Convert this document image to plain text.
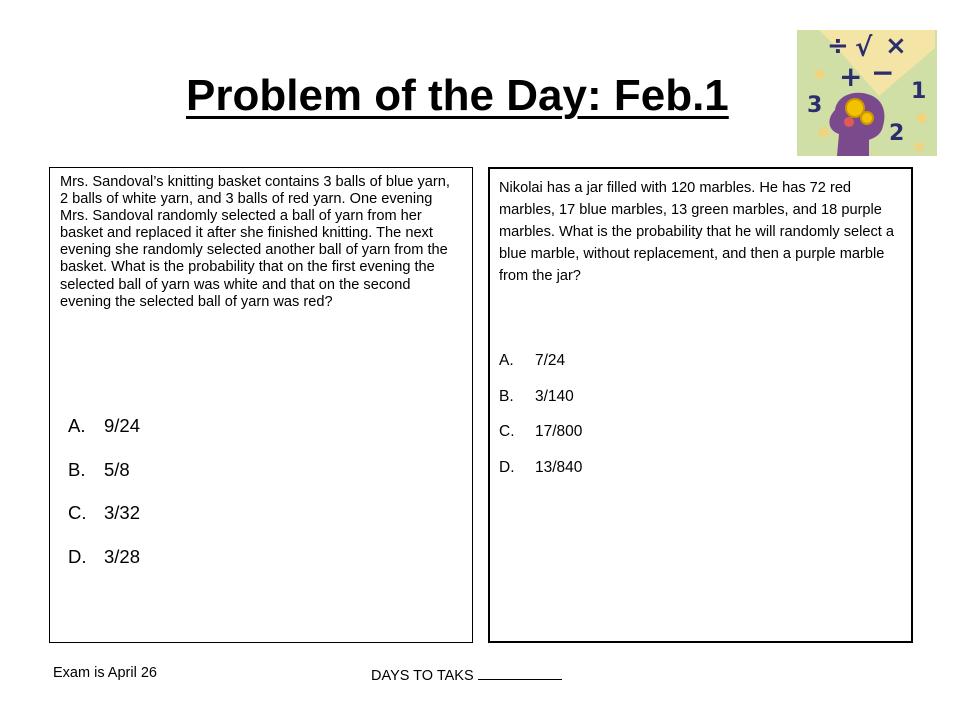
Problem of the Day: Feb.1
÷ √ ×
+ −
1
2
3
✱
✱
✱
✱
Mrs. Sandoval’s knitting basket contains 3 balls of blue yarn, 2 balls of white yarn, and 3 balls of red yarn. One evening Mrs. Sandoval randomly selected a ball of yarn from her basket and replaced it after she finished knitting. The next evening she randomly selected another ball of yarn from the basket. What is the probability that on the first evening the selected ball of yarn was white and that on the second evening the selected ball of yarn was red?
A.	9/24
B.	5/8
C. 3/32
D. 3/28
Nikolai has a jar filled with 120 marbles. He has 72 red marbles, 17 blue marbles, 13 green marbles, and 18 purple marbles. What is the probability that he will randomly select a blue marble, without replacement, and then a purple marble from the jar?
A.	7/24
B.	3/140
C.	17/800
D.	13/840
Exam is April 26	DAYS TO TAKS
